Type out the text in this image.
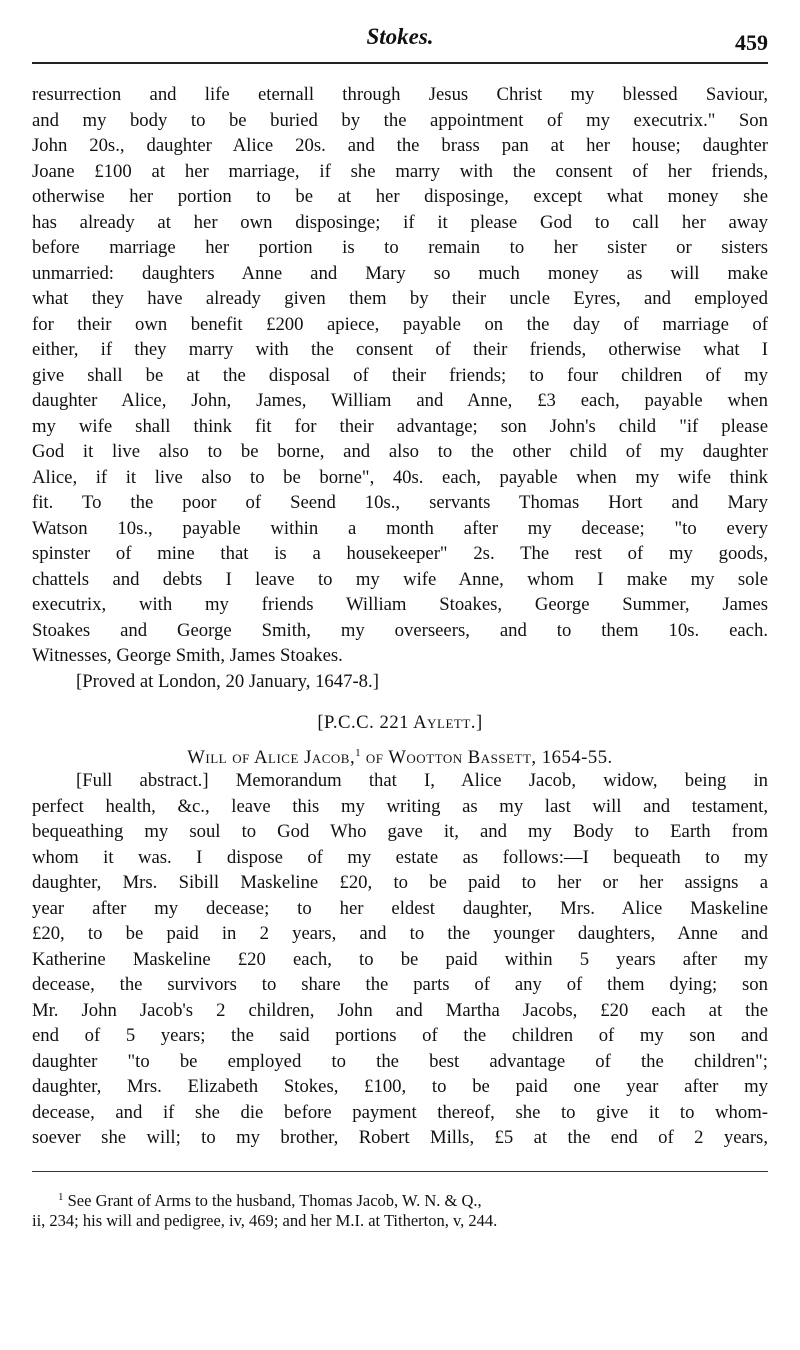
Stokes.	459
resurrection and life eternall through Jesus Christ my blessed Saviour,
and my body to be buried by the appointment of my executrix." Son
John 20s., daughter Alice 20s. and the brass pan at her house; daughter
Joane £100 at her marriage, if she marry with the consent of her friends,
otherwise her portion to be at her disposinge, except what money she
has already at her own disposinge; if it please God to call her away
before marriage her portion is to remain to her sister or sisters
unmarried: daughters Anne and Mary so much money as will make
what they have already given them by their uncle Eyres, and employed
for their own benefit £200 apiece, payable on the day of marriage of
either, if they marry with the consent of their friends, otherwise what I
give shall be at the disposal of their friends; to four children of my
daughter Alice, John, James, William and Anne, £3 each, payable when
my wife shall think fit for their advantage; son John's child "if please
God it live also to be borne, and also to the other child of my daughter
Alice, if it live also to be borne", 40s. each, payable when my wife think
fit. To the poor of Seend 10s., servants Thomas Hort and Mary
Watson 10s., payable within a month after my decease; "to every
spinster of mine that is a housekeeper" 2s. The rest of my goods,
chattels and debts I leave to my wife Anne, whom I make my sole
executrix, with my friends William Stoakes, George Summer, James
Stoakes and George Smith, my overseers, and to them 10s. each.
Witnesses, George Smith, James Stoakes.
[Proved at London, 20 January, 1647-8.]
[P.C.C. 221 Aylett.]
Will of Alice Jacob,$^1$ of Wootton Bassett, 1654-55.
[Full abstract.] Memorandum that I, Alice Jacob, widow, being in
perfect health, &c., leave this my writing as my last will and testament,
bequeathing my soul to God Who gave it, and my Body to Earth from
whom it was. I dispose of my estate as follows:—I bequeath to my
daughter, Mrs. Sibill Maskeline £20, to be paid to her or her assigns a
year after my decease; to her eldest daughter, Mrs. Alice Maskeline
£20, to be paid in 2 years, and to the younger daughters, Anne and
Katherine Maskeline £20 each, to be paid within 5 years after my
decease, the survivors to share the parts of any of them dying; son
Mr. John Jacob's 2 children, John and Martha Jacobs, £20 each at the
end of 5 years; the said portions of the children of my son and
daughter "to be employed to the best advantage of the children";
daughter, Mrs. Elizabeth Stokes, £100, to be paid one year after my
decease, and if she die before payment thereof, she to give it to whom-
soever she will; to my brother, Robert Mills, £5 at the end of 2 years,
$^1$ See Grant of Arms to the husband, Thomas Jacob, W. N. & Q.,
ii, 234; his will and pedigree, iv, 469; and her M.I. at Titherton, v, 244.
